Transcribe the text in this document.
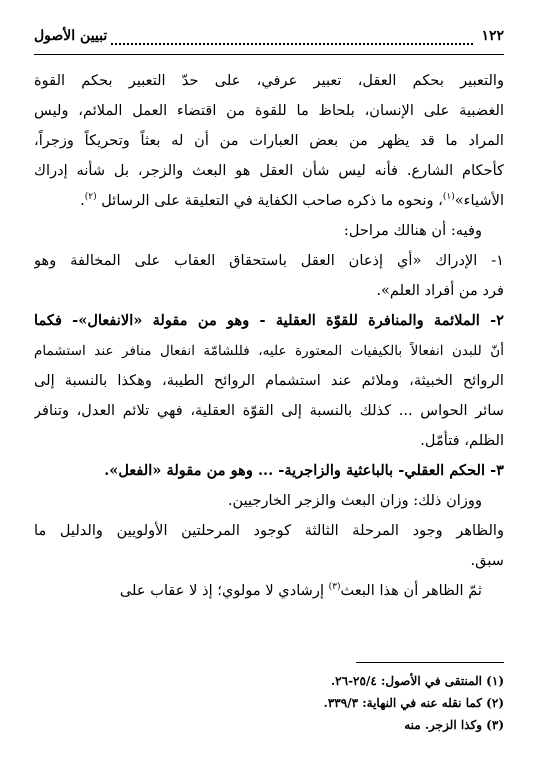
١٢٢
تبيين الأصول
والتعبير بحكم العقل، تعبير عرفي، على حدّ التعبير بحكم القوة
الغضبية على الإنسان، بلحاظ ما للقوة من اقتضاء العمل الملائم، وليس
المراد ما قد يظهر من بعض العبارات من أن له بعثاً وتحريكاً وزجراً،
كأحكام الشارع. فأنه ليس شأن العقل هو البعث والزجر، بل شأنه إدراك
الأشياء»$^{(١)}$، ونحوه ما ذكره صاحب الكفاية في التعليقة على الرسائل $^{(٢)}$.
وفيه: أن هنالك مراحل:
١- الإدراك «أي إذعان العقل باستحقاق العقاب على المخالفة وهو
فرد من أفراد العلم».
٢- الملائمة والمنافرة للقوّة العقلية - وهو من مقولة «الانفعال»- فكما
أنّ للبدن انفعالاً بالكيفيات المعتورة عليه، فللشامّة انفعال منافر عند استشمام
الروائح الخبيثة، وملائم عند استشمام الروائح الطيبة، وهكذا بالنسبة إلى
سائر الحواس ... كذلك بالنسبة إلى القوّة العقلية، فهي تلائم العدل، وتنافر
الظلم، فتأمّل.
٣- الحكم العقلي- بالباعثية والزاجرية- ... وهو من مقولة «الفعل».
ووزان ذلك: وزان البعث والزجر الخارجيين.
والظاهر وجود المرحلة الثالثة كوجود المرحلتين الأولويين والدليل ما
سبق.
ثمّ الظاهر أن هذا البعث$^{(٣)}$ إرشادي لا مولوي؛ إذ لا عقاب على
(١) المنتقى في الأصول: ٢٥/٤-٢٦.
(٢) كما نقله عنه في النهاية: ٣٣٩/٣.
(٣) وكذا الزجر. منه
